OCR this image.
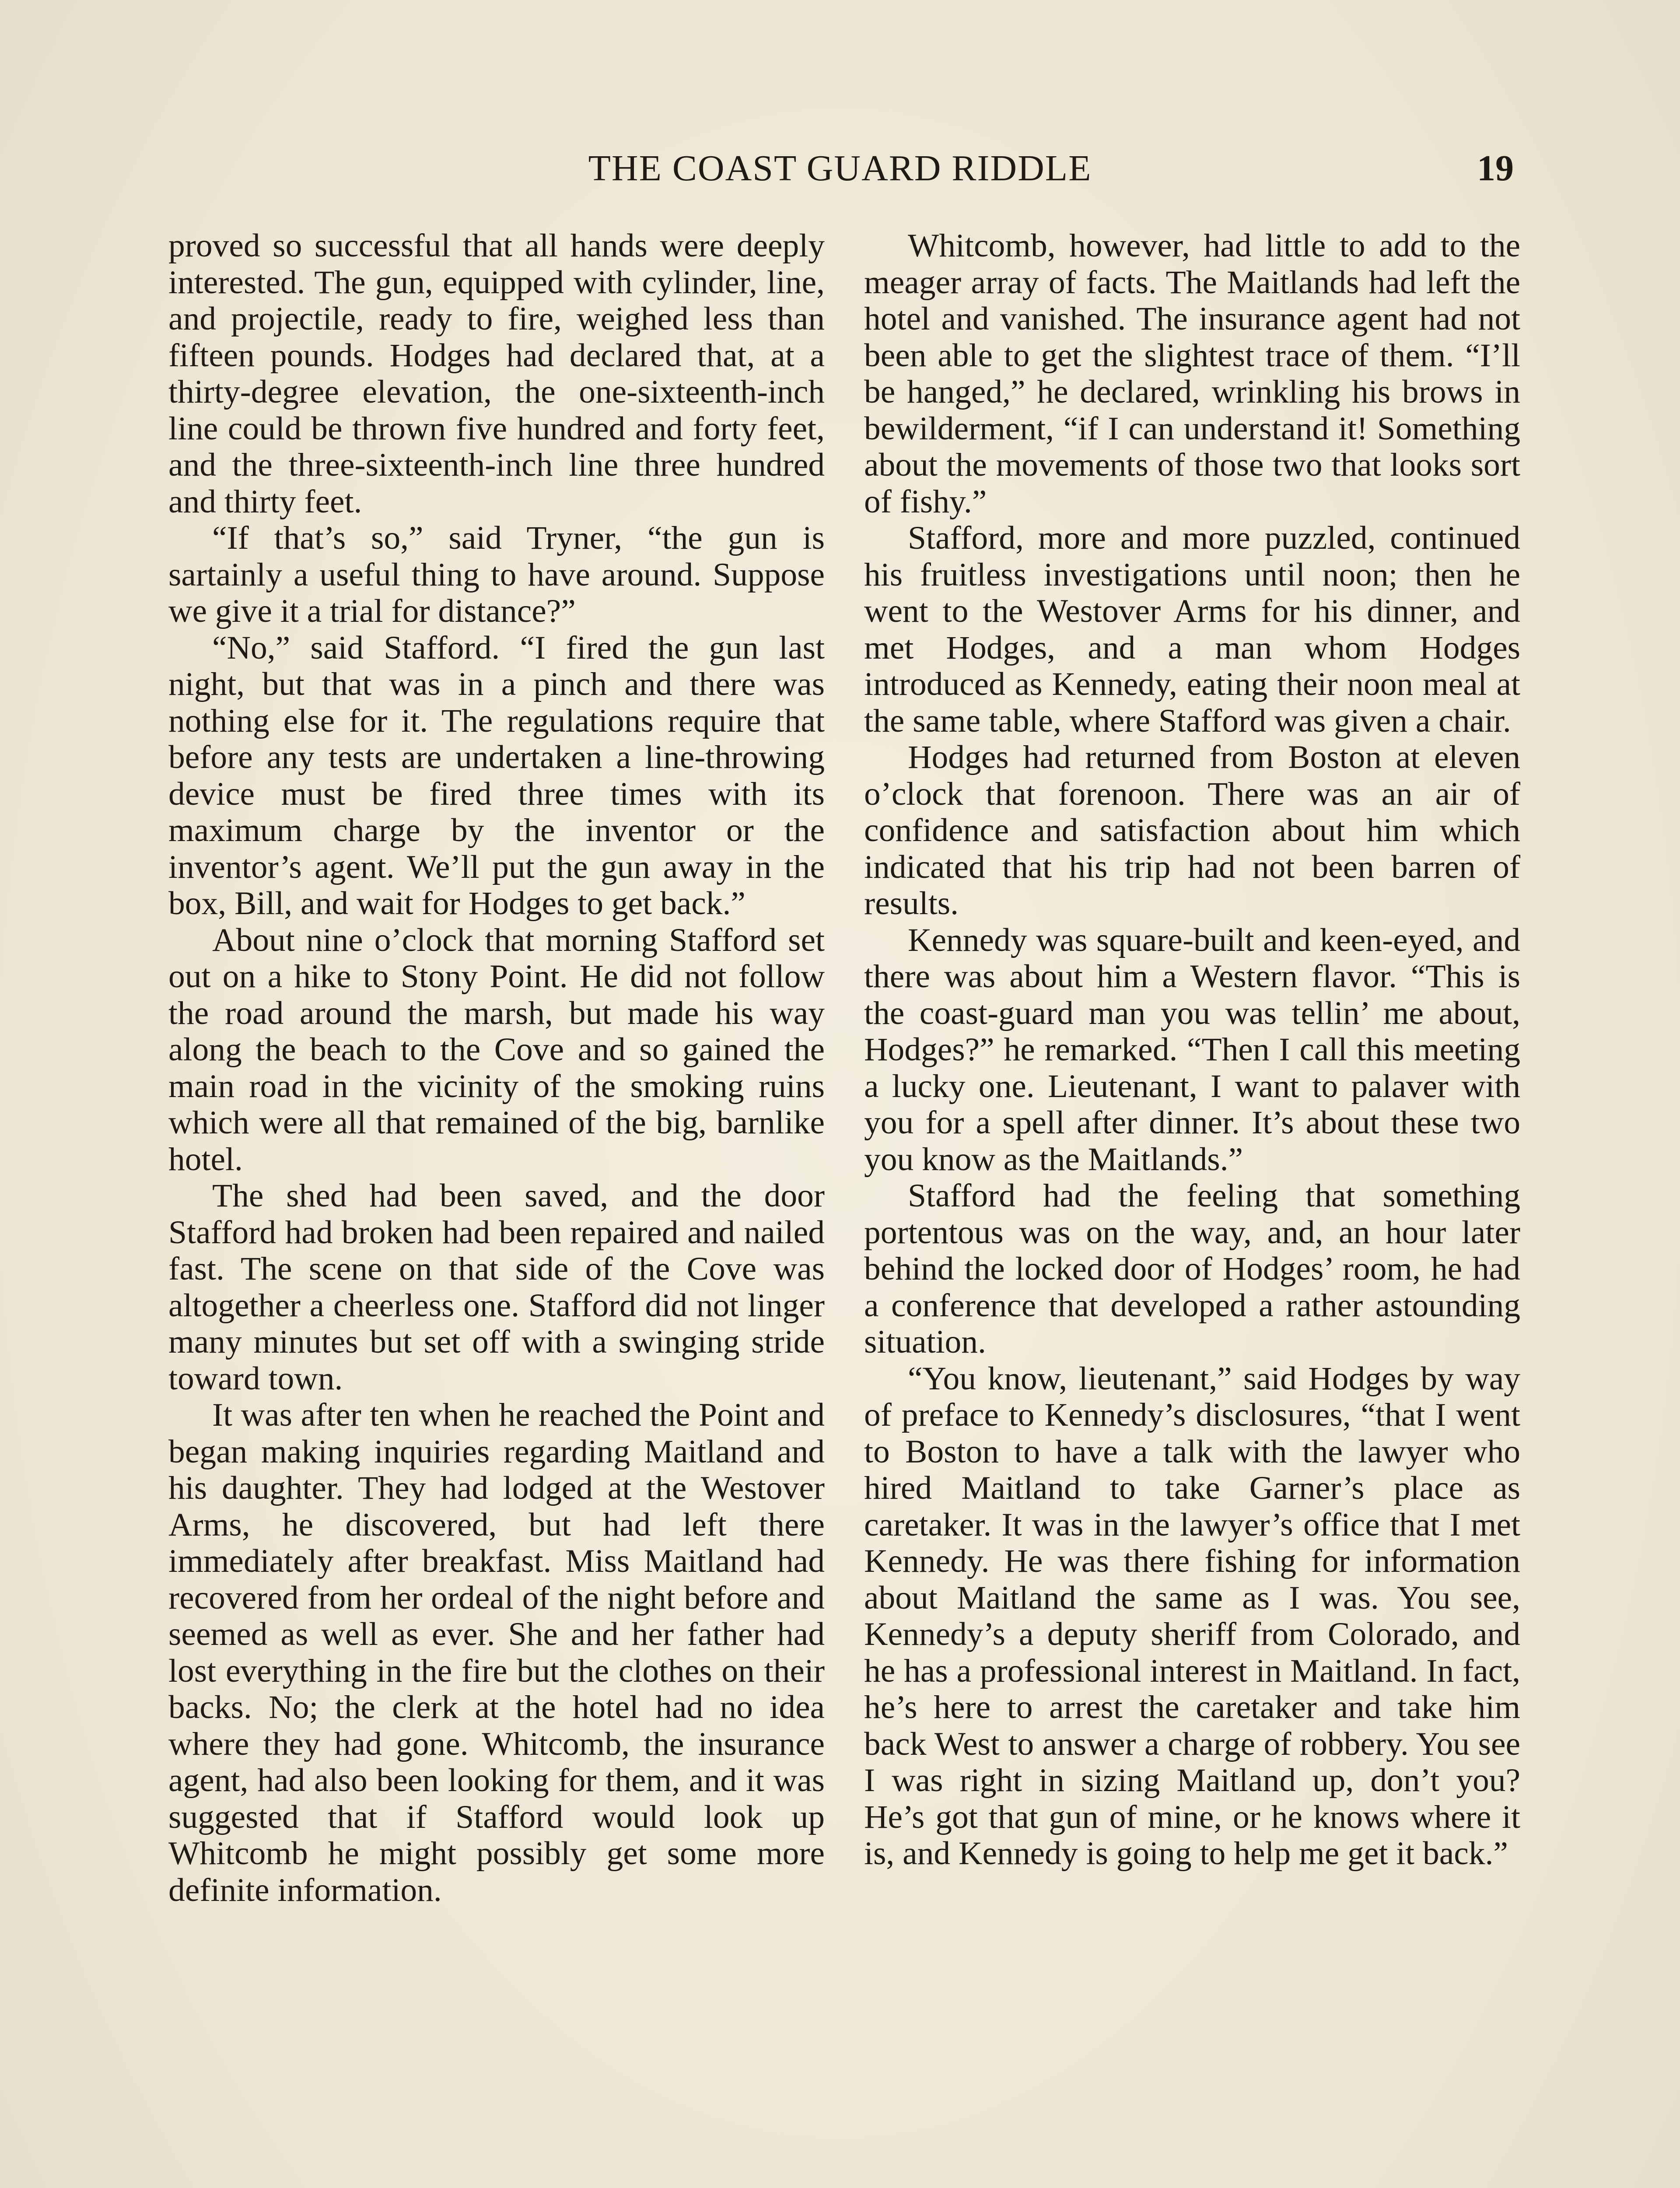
THE COAST GUARD RIDDLE	19

proved so successful that all hands were deeply interested. The gun, equipped with cylinder, line, and projectile, ready to fire, weighed less than fifteen pounds. Hodges had declared that, at a thirty-degree elevation, the one-sixteenth-inch line could be thrown five hundred and forty feet, and the three-sixteenth-inch line three hundred and thirty feet.

“If that’s so,” said Tryner, “the gun is sartainly a useful thing to have around. Suppose we give it a trial for distance?”

“No,” said Stafford. “I fired the gun last night, but that was in a pinch and there was nothing else for it. The regulations require that before any tests are undertaken a line-throwing device must be fired three times with its maximum charge by the inventor or the inventor’s agent. We’ll put the gun away in the box, Bill, and wait for Hodges to get back.”

About nine o’clock that morning Stafford set out on a hike to Stony Point. He did not follow the road around the marsh, but made his way along the beach to the Cove and so gained the main road in the vicinity of the smoking ruins which were all that remained of the big, barnlike hotel.

The shed had been saved, and the door Stafford had broken had been repaired and nailed fast. The scene on that side of the Cove was altogether a cheerless one. Stafford did not linger many minutes but set off with a swinging stride toward town.

It was after ten when he reached the Point and began making inquiries regarding Maitland and his daughter. They had lodged at the Westover Arms, he discovered, but had left there immediately after breakfast. Miss Maitland had recovered from her ordeal of the night before and seemed as well as ever. She and her father had lost everything in the fire but the clothes on their backs. No; the clerk at the hotel had no idea where they had gone. Whitcomb, the insurance agent, had also been looking for them, and it was suggested that if Stafford would look up Whitcomb he might possibly get some more definite information.

Whitcomb, however, had little to add to the meager array of facts. The Maitlands had left the hotel and vanished. The insurance agent had not been able to get the slightest trace of them. “I’ll be hanged,” he declared, wrinkling his brows in bewilderment, “if I can understand it! Something about the movements of those two that looks sort of fishy.”

Stafford, more and more puzzled, continued his fruitless investigations until noon; then he went to the Westover Arms for his dinner, and met Hodges, and a man whom Hodges introduced as Kennedy, eating their noon meal at the same table, where Stafford was given a chair.

Hodges had returned from Boston at eleven o’clock that forenoon. There was an air of confidence and satisfaction about him which indicated that his trip had not been barren of results.

Kennedy was square-built and keen-eyed, and there was about him a Western flavor. “This is the coast-guard man you was tellin’ me about, Hodges?” he remarked. “Then I call this meeting a lucky one. Lieutenant, I want to palaver with you for a spell after dinner. It’s about these two you know as the Maitlands.”

Stafford had the feeling that something portentous was on the way, and, an hour later behind the locked door of Hodges’ room, he had a conference that developed a rather astounding situation.

“You know, lieutenant,” said Hodges by way of preface to Kennedy’s disclosures, “that I went to Boston to have a talk with the lawyer who hired Maitland to take Garner’s place as caretaker. It was in the lawyer’s office that I met Kennedy. He was there fishing for information about Maitland the same as I was. You see, Kennedy’s a deputy sheriff from Colorado, and he has a professional interest in Maitland. In fact, he’s here to arrest the caretaker and take him back West to answer a charge of robbery. You see I was right in sizing Maitland up, don’t you? He’s got that gun of mine, or he knows where it is, and Kennedy is going to help me get it back.”
